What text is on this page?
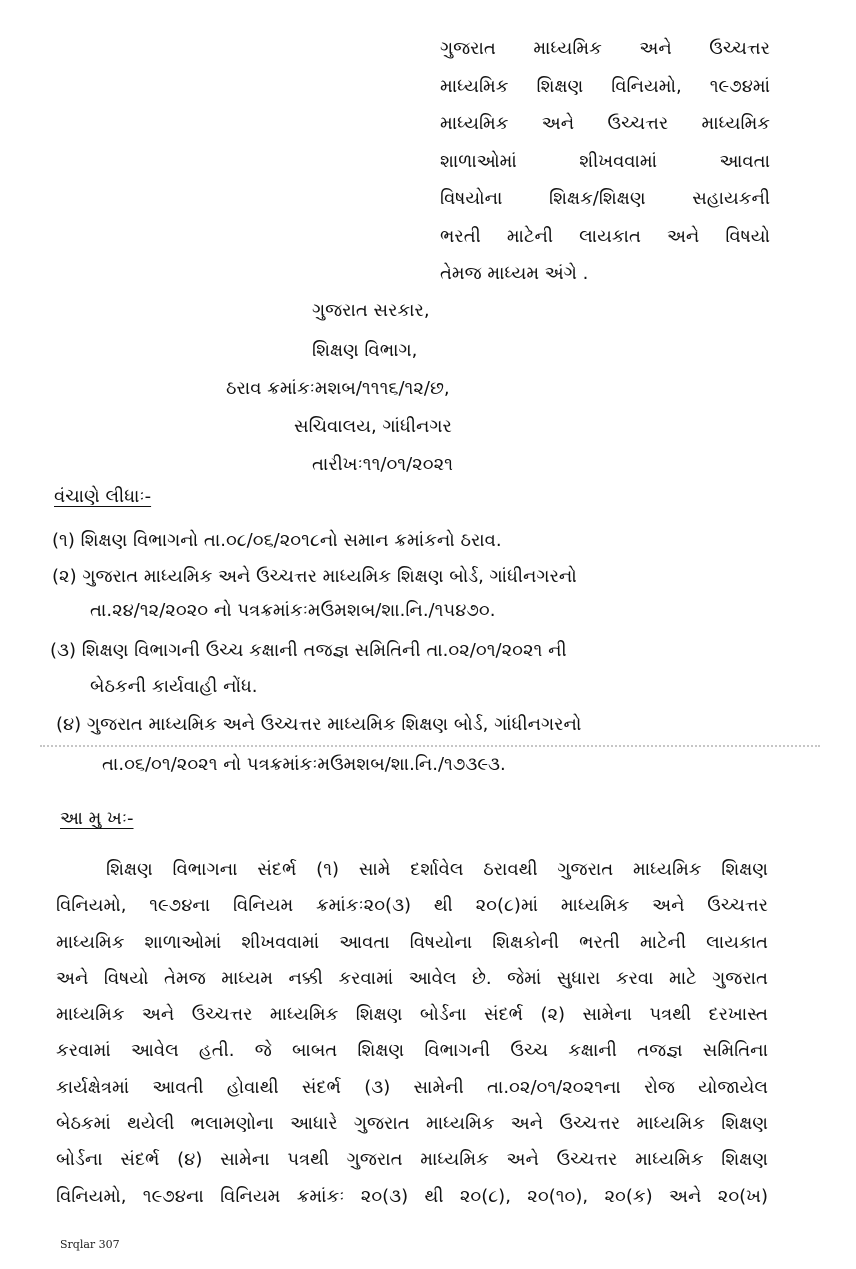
ગુજરાત માધ્યમિક અને ઉચ્ચત્તર
માધ્યમિક શિક્ષણ વિનિયમો, ૧૯૭૪માં
માધ્યમિક અને ઉચ્ચત્તર માધ્યમિક
શાળાઓમાં શીખવવામાં આવતા
વિષયોના શિક્ષક/શિક્ષણ સહાયકની
ભરતી માટેની લાયકાત અને વિષયો
તેમજ માધ્યમ અંગે .
ગુજરાત સરકાર,
શિક્ષણ વિભાગ,
ઠરાવ ક્રમાંકઃમશબ/૧૧૧૬/૧૨/છ,
સચિવાલય, ગાંધીનગર
તારીખઃ૧૧/૦૧/૨૦૨૧
વંચાણે લીધાઃ-
(૧) શિક્ષણ વિભાગનો તા.૦૮/૦૬/૨૦૧૮નો સમાન ક્રમાંકનો ઠરાવ.
(૨) ગુજરાત માધ્યમિક અને ઉચ્ચત્તર માધ્યમિક શિક્ષણ બોર્ડ, ગાંધીનગરનો
તા.૨૪/૧૨/૨૦૨૦ નો પત્રક્રમાંકઃમઉમશબ/શા.નિ./૧૫૪૭૦.
(૩) શિક્ષણ વિભાગની ઉચ્ચ કક્ષાની તજજ્ઞ સમિતિની તા.૦૨/૦૧/૨૦૨૧ ની
બેઠકની કાર્યવાહી નોંધ.
(૪) ગુજરાત માધ્યમિક અને ઉચ્ચત્તર માધ્યમિક શિક્ષણ બોર્ડ, ગાંધીનગરનો
તા.૦૬/૦૧/૨૦૨૧ નો પત્રક્રમાંકઃમઉમશબ/શા.નિ./૧૭૩૯૩.
આ મુ ખઃ-
શિક્ષણ વિભાગના સંદર્ભ (૧) સામે દર્શાવેલ ઠરાવથી ગુજરાત માધ્યમિક શિક્ષણ
વિનિયમો, ૧૯૭૪ના વિનિયમ ક્રમાંકઃ૨૦(૩) થી ૨૦(૮)માં માધ્યમિક અને ઉચ્ચત્તર
માધ્યમિક શાળાઓમાં શીખવવામાં આવતા વિષયોના શિક્ષકોની ભરતી માટેની લાયકાત
અને વિષયો તેમજ માધ્યમ નક્કી કરવામાં આવેલ છે. જેમાં સુધારા કરવા માટે ગુજરાત
માધ્યમિક અને ઉચ્ચત્તર માધ્યમિક શિક્ષણ બોર્ડના સંદર્ભ (૨) સામેના પત્રથી દરખાસ્ત
કરવામાં આવેલ હતી. જે બાબત શિક્ષણ વિભાગની ઉચ્ચ કક્ષાની તજજ્ઞ સમિતિના
કાર્યક્ષેત્રમાં આવતી હોવાથી સંદર્ભ (૩) સામેની તા.૦૨/૦૧/૨૦૨૧ના રોજ યોજાયેલ
બેઠકમાં થયેલી ભલામણોના આધારે ગુજરાત માધ્યમિક અને ઉચ્ચત્તર માધ્યમિક શિક્ષણ
બોર્ડના સંદર્ભ (૪) સામેના પત્રથી ગુજરાત માધ્યમિક અને ઉચ્ચત્તર માધ્યમિક શિક્ષણ
વિનિયમો, ૧૯૭૪ના વિનિયમ ક્રમાંકઃ ૨૦(૩) થી ૨૦(૮), ૨૦(૧૦), ૨૦(ક) અને ૨૦(ખ)
Srqlar 307
